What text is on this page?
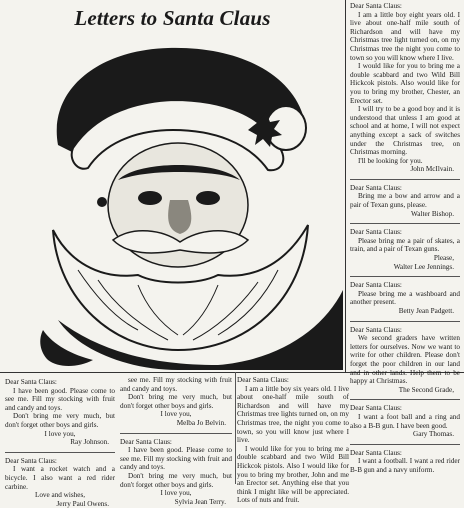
Letters to Santa Claus	Dear Santa Claus:

I am a little boy eight years old. I live about one-half mile south of Richardson and will have my Christmas tree light turned on, on my Christmas tree the night you come to town so you will know where I live.

I would like for you to bring me a double scabbard and two Wild Bill Hickcok pistols. Also would like for you to bring my brother, Chester, an Erector set.

I will try to be a good boy and it is understood that unless I am good at school and at home, I will not expect anything except a sack of switches under the Christmas tree, on Christmas morning.

I'll be looking for you.

John McIlvain.

Dear Santa Claus:

Bring me a bow and arrow and a pair of Texan guns, please.

Walter Bishop.

Dear Santa Claus:

Please bring me a pair of skates, a train, and a pair of Texan guns.

Please,

Walter Lee Jennings.

Dear Santa Claus:

Please bring me a washboard and another present.

Betty Jean Padgett.

Dear Santa Claus:

We second graders have written letters for ourselves. Now we want to write for other children. Please don't forget the poor children in our land and in other lands. Help them to be happy at Christmas.

The Second Grade,

Dear Santa Claus:

I want a foot ball and a ring and also a B-B gun. I have been good.

Gary Thomas.

Dear Santa Claus:

I want a football. I want a red rider B-B gun and a navy uniform.

Dear Santa Claus:

I have been good. Please come to see me. Fill my stocking with fruit and candy and toys.

Don't bring me very much, but don't forget other boys and girls.

I love you,

Ray Johnson.

Dear Santa Claus:

I want a rocket watch and a bicycle. I also want a red rider carbine.

Love and wishes,

Jerry Paul Owens.

see me. Fill my stocking with fruit and candy and toys.

Don't bring me very much, but don't forget other boys and girls.

I love you,

Melba Jo Belvin.

Dear Santa Claus:

I have been good. Please come to see me. Fill my stocking with fruit and candy and toys.

Don't bring me very much, but don't forget other boys and girls.

I love you,

Sylvia Jean Terry.

Dear Santa Claus:

I am a little boy six years old. I live about one-half mile south of Richardson and will have my Christmas tree lights turned on, on my Christmas tree, the night you come to town, so you will know just where I live.

I would like for you to bring me a double scabbard and two Wild Bill Hickcok pistols. Also I would like for you to bring my brother, John and me an Erector set. Anything else that you think I might like will be appreciated. Lots of nuts and fruit.
